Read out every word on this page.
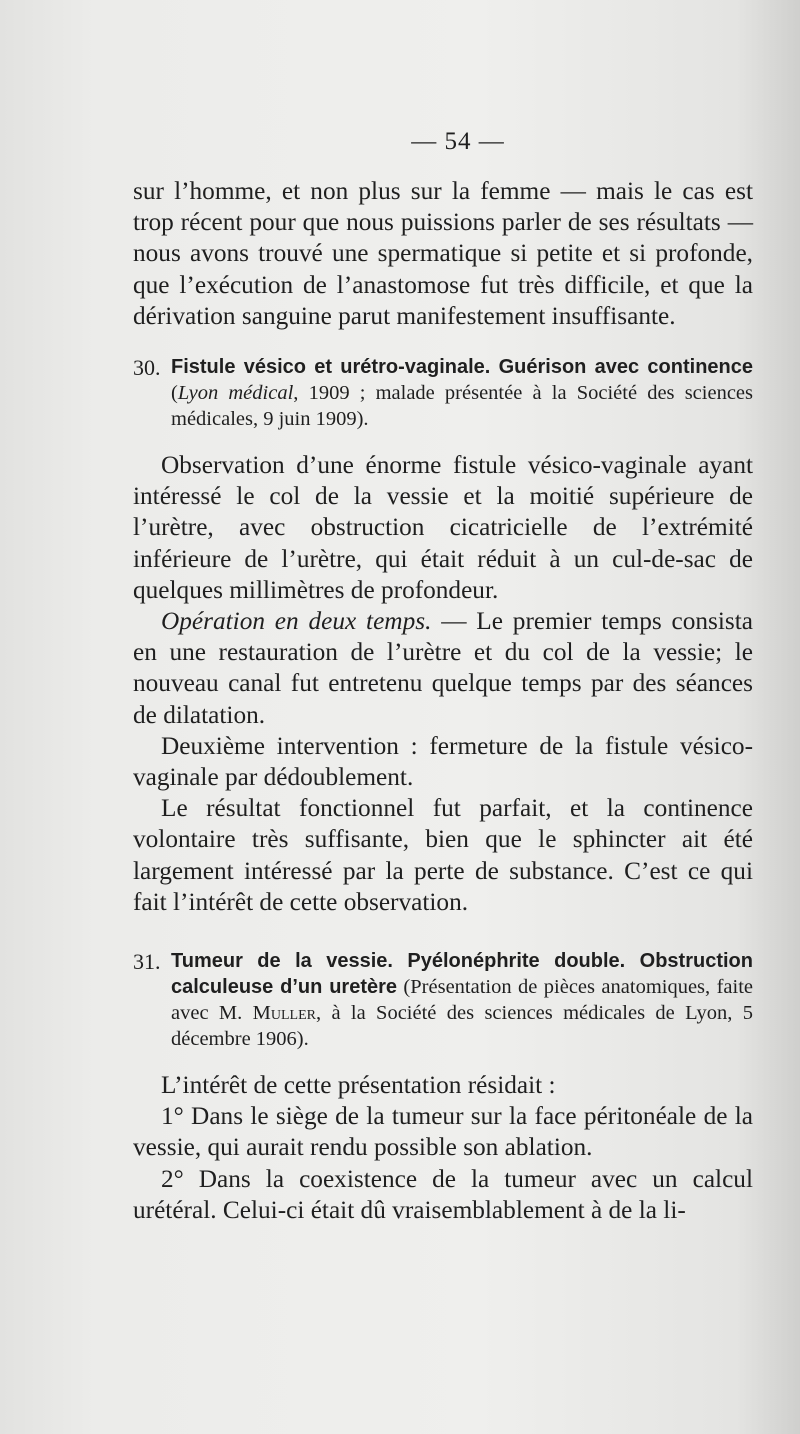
— 54 —

sur l’homme, et non plus sur la femme — mais le cas est trop récent pour que nous puissions parler de ses résultats — nous avons trouvé une spermatique si petite et si profonde, que l’exécution de l’anastomose fut très difficile, et que la dérivation sanguine parut manifestement insuffisante.

30. Fistule vésico et urétro-vaginale. Guérison avec continence (Lyon médical, 1909 ; malade présentée à la Société des sciences médicales, 9 juin 1909).

Observation d’une énorme fistule vésico-vaginale ayant intéressé le col de la vessie et la moitié supérieure de l’urètre, avec obstruction cicatricielle de l’extrémité inférieure de l’urètre, qui était réduit à un cul-de-sac de quelques millimètres de profondeur.

Opération en deux temps. — Le premier temps consista en une restauration de l’urètre et du col de la vessie; le nouveau canal fut entretenu quelque temps par des séances de dilatation.

Deuxième intervention : fermeture de la fistule vésico-vaginale par dédoublement.

Le résultat fonctionnel fut parfait, et la continence volontaire très suffisante, bien que le sphincter ait été largement intéressé par la perte de substance. C’est ce qui fait l’intérêt de cette observation.

31. Tumeur de la vessie. Pyélonéphrite double. Obstruction calculeuse d’un uretère (Présentation de pièces anatomiques, faite avec M. Muller, à la Société des sciences médicales de Lyon, 5 décembre 1906).

L’intérêt de cette présentation résidait :

1° Dans le siège de la tumeur sur la face péritonéale de la vessie, qui aurait rendu possible son ablation.

2° Dans la coexistence de la tumeur avec un calcul urétéral. Celui-ci était dû vraisemblablement à de la li-
